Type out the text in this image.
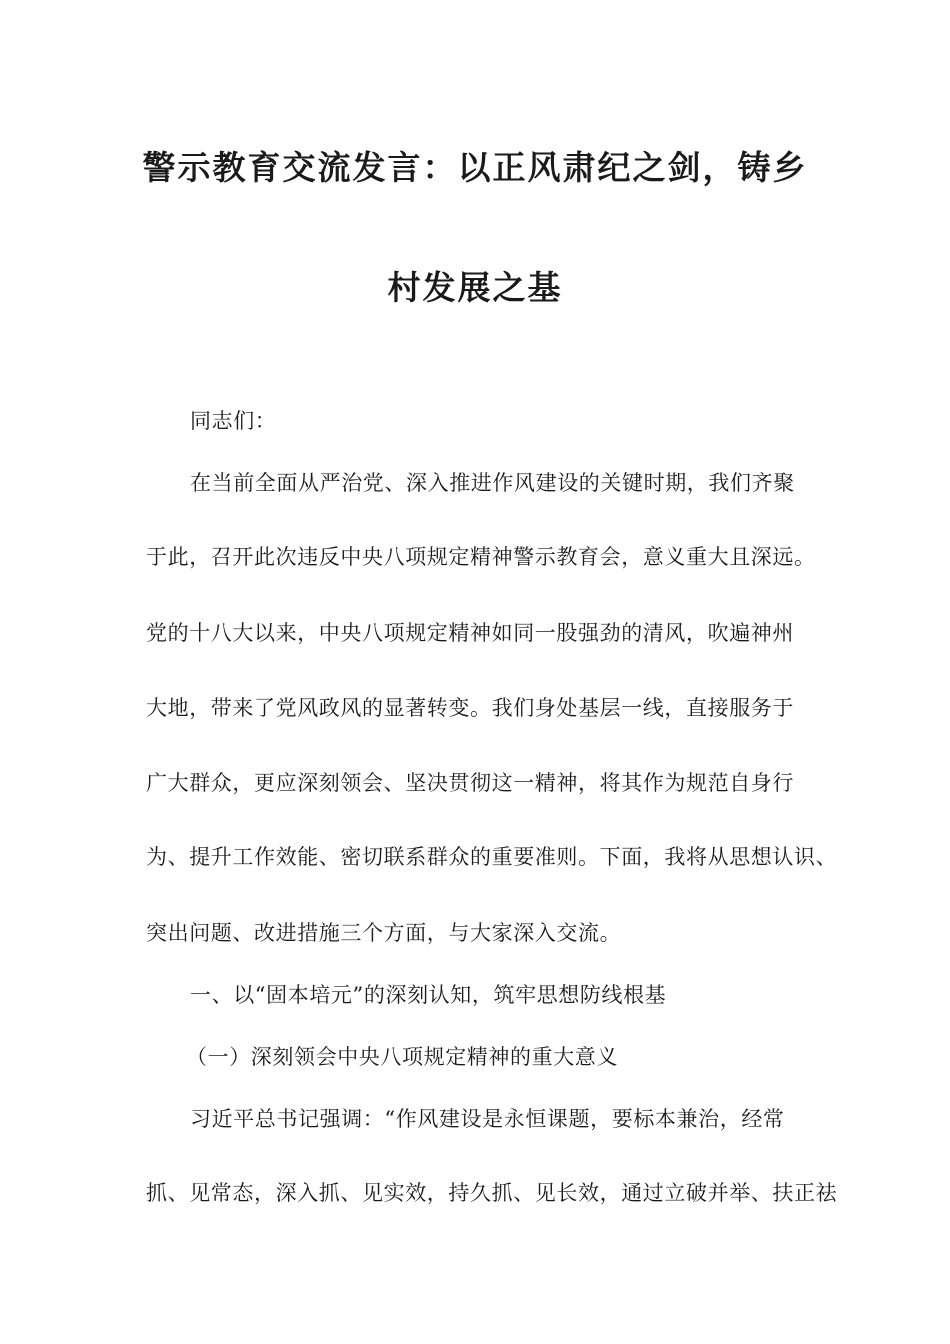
警示教育交流发言：以正风肃纪之剑，铸乡
村发展之基
同志们：
在当前全面从严治党、深入推进作风建设的关键时期，我们齐聚
于此，召开此次违反中央八项规定精神警示教育会，意义重大且深远。
党的十八大以来，中央八项规定精神如同一股强劲的清风，吹遍神州
大地，带来了党风政风的显著转变。我们身处基层一线，直接服务于
广大群众，更应深刻领会、坚决贯彻这一精神，将其作为规范自身行
为、提升工作效能、密切联系群众的重要准则。下面，我将从思想认识、
突出问题、改进措施三个方面，与大家深入交流。
一、以“固本培元”的深刻认知，筑牢思想防线根基
（一）深刻领会中央八项规定精神的重大意义
习近平总书记强调：“作风建设是永恒课题，要标本兼治，经常
抓、见常态，深入抓、见实效，持久抓、见长效，通过立破并举、扶正祛
